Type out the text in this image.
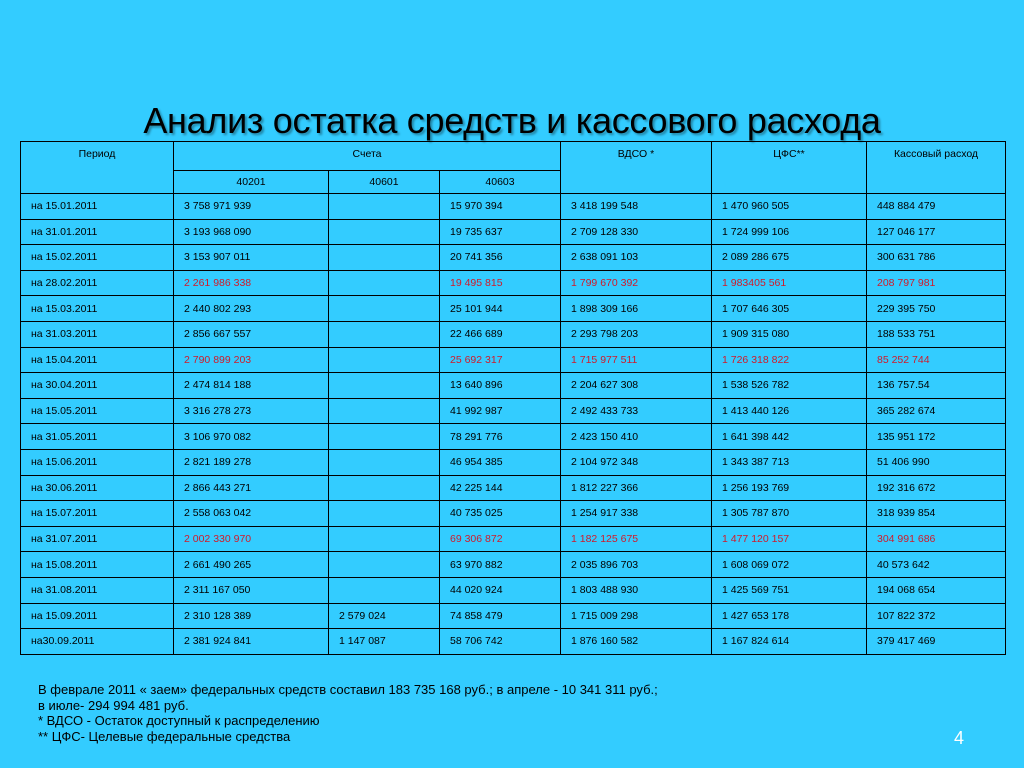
Анализ остатка средств и кассового расхода
Период	Счета			ВДСО *	ЦФС**	Кассовый расход
	40201	40601	40603			
на 15.01.2011	3 758 971 939		15 970 394	3 418 199 548	1 470 960 505	448 884 479
на 31.01.2011	3 193 968 090		19 735 637	2 709 128 330	1 724 999 106	127 046 177
на 15.02.2011	3 153 907 011		20 741 356	2 638 091 103	2 089 286 675	300 631 786
на 28.02.2011	2 261 986 338		19 495 815	1 799 670 392	1 983405 561	208 797 981
на 15.03.2011	2 440 802 293		25 101 944	1 898 309 166	1 707 646 305	229 395 750
на 31.03.2011	2 856 667 557		22 466 689	2 293 798 203	1 909 315 080	188 533 751
на 15.04.2011	2 790 899 203		25 692 317	1 715 977 511	1 726 318 822	85 252 744
на 30.04.2011	2 474 814 188		13 640 896	2 204 627 308	1 538 526 782	136 757.54
на 15.05.2011	3 316 278 273		41 992 987	2 492 433 733	1 413 440 126	365 282 674
на 31.05.2011	3 106 970 082		78 291 776	2 423 150 410	1 641 398 442	135 951 172
на 15.06.2011	2 821 189 278		46 954 385	2 104 972 348	1 343 387 713	51 406 990
на 30.06.2011	2 866 443 271		42 225 144	1 812 227 366	1 256 193 769	192 316 672
на 15.07.2011	2 558 063 042		40 735 025	1 254 917 338	1 305 787 870	318 939 854
на 31.07.2011	2 002 330 970		69 306 872	1 182 125 675	1 477 120 157	304 991 686
на 15.08.2011	2 661 490 265		63 970 882	2 035 896 703	1 608 069 072	40 573 642
на 31.08.2011	2 311 167 050		44 020 924	1 803 488 930	1 425 569 751	194 068 654
на 15.09.2011	2 310 128 389	2 579 024	74 858 479	1 715 009 298	1 427 653 178	107 822 372
на30.09.2011	2 381 924 841	1 147 087	58 706 742	1 876 160 582	1 167 824 614	379 417 469
В феврале 2011 « заем» федеральных средств составил 183 735 168 руб.; в апреле - 10 341 311 руб.;
в июле- 294 994 481 руб.
* ВДСО - Остаток доступный к распределению
** ЦФС- Целевые федеральные средства	4
